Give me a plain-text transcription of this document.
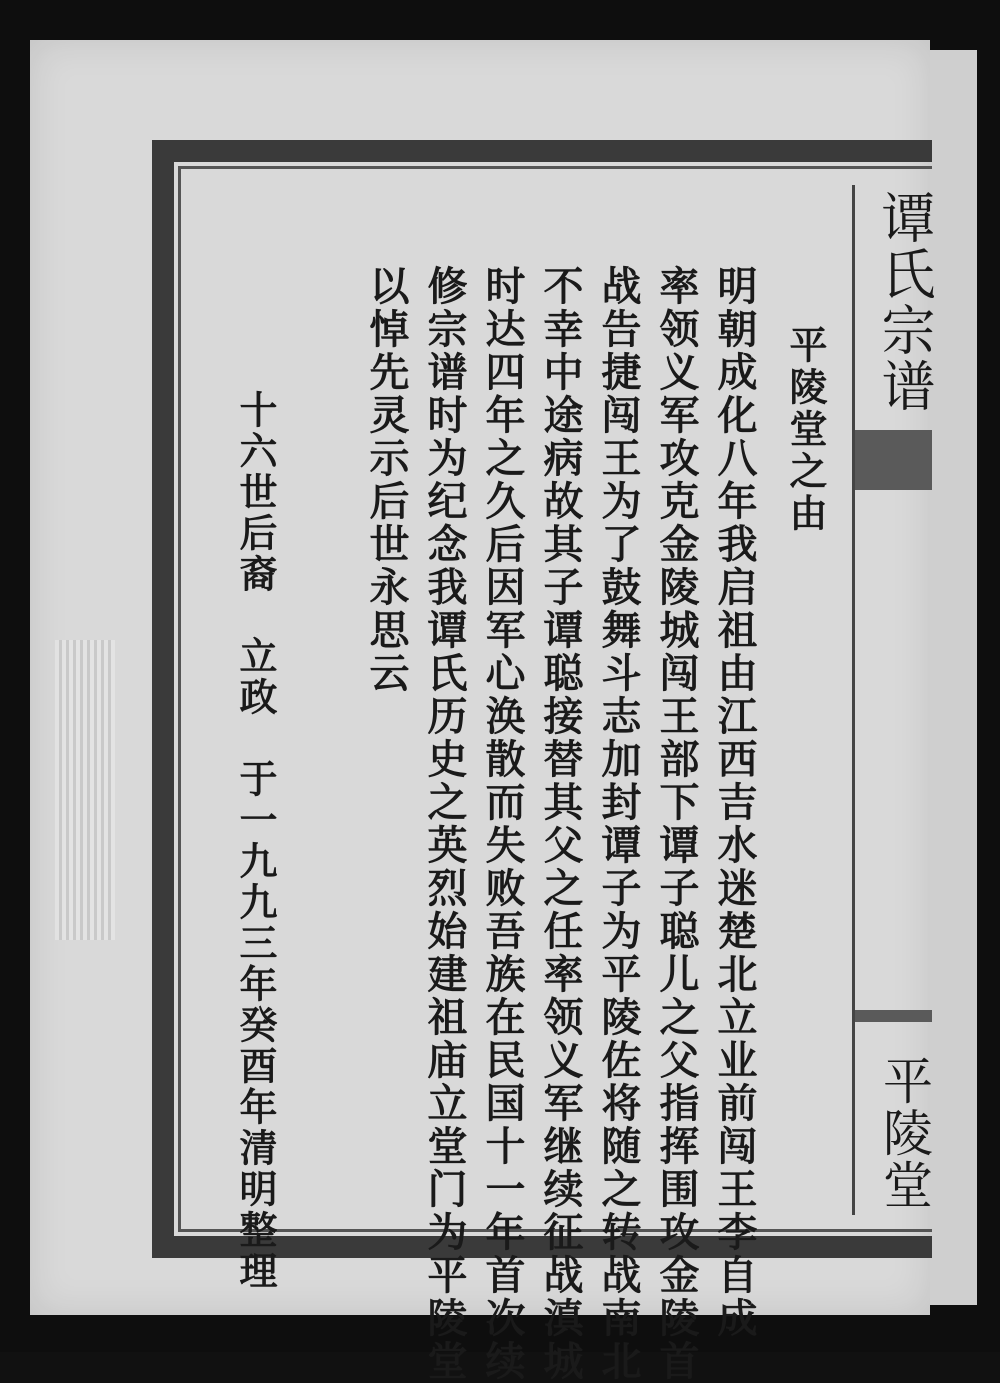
谭氏宗谱
平陵堂
平陵堂之由
明朝成化八年我启祖由江西吉水迷楚北立业前闯王李自成
率领义军攻克金陵城闯王部下谭子聪儿之父指挥围攻金陵首
战告捷闯王为了鼓舞斗志加封谭子为平陵佐将随之转战南北
不幸中途病故其子谭聪接替其父之任率领义军继续征战滇城
时达四年之久后因军心涣散而失败吾族在民国十一年首次续
修宗谱时为纪念我谭氏历史之英烈始建祖庙立堂门为平陵堂
以悼先灵示后世永思云
十六世后裔　立政　于一九九三年癸酉年清明整理
